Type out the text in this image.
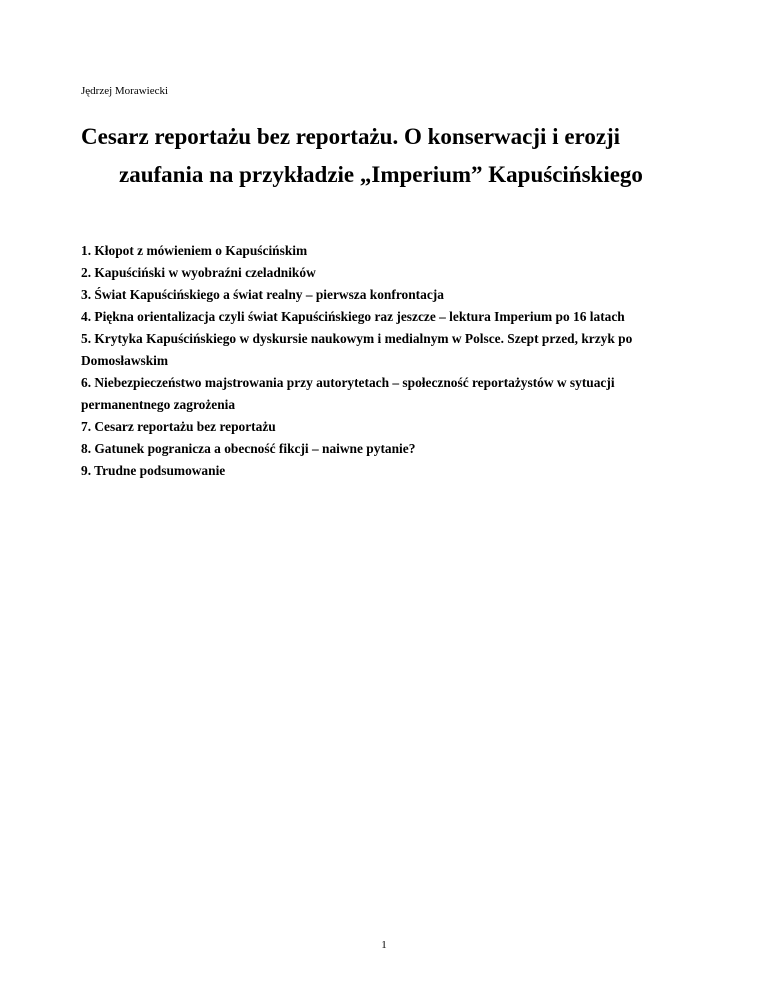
Jędrzej Morawiecki

Cesarz reportażu bez reportażu. O konserwacji i erozji
zaufania na przykładzie „Imperium” Kapuścińskiego
1. Kłopot z mówieniem o Kapuścińskim
2. Kapuściński w wyobraźni czeladników
3. Świat Kapuścińskiego a świat realny – pierwsza konfrontacja
4. Piękna orientalizacja czyli świat Kapuścińskiego raz jeszcze – lektura Imperium po 16 latach
5. Krytyka Kapuścińskiego w dyskursie naukowym i medialnym w Polsce. Szept przed, krzyk po Domosławskim
6. Niebezpieczeństwo majstrowania przy autorytetach – społeczność reportażystów w sytuacji permanentnego zagrożenia
7. Cesarz reportażu bez reportażu
8. Gatunek pogranicza a obecność fikcji – naiwne pytanie?
9. Trudne podsumowanie

1
